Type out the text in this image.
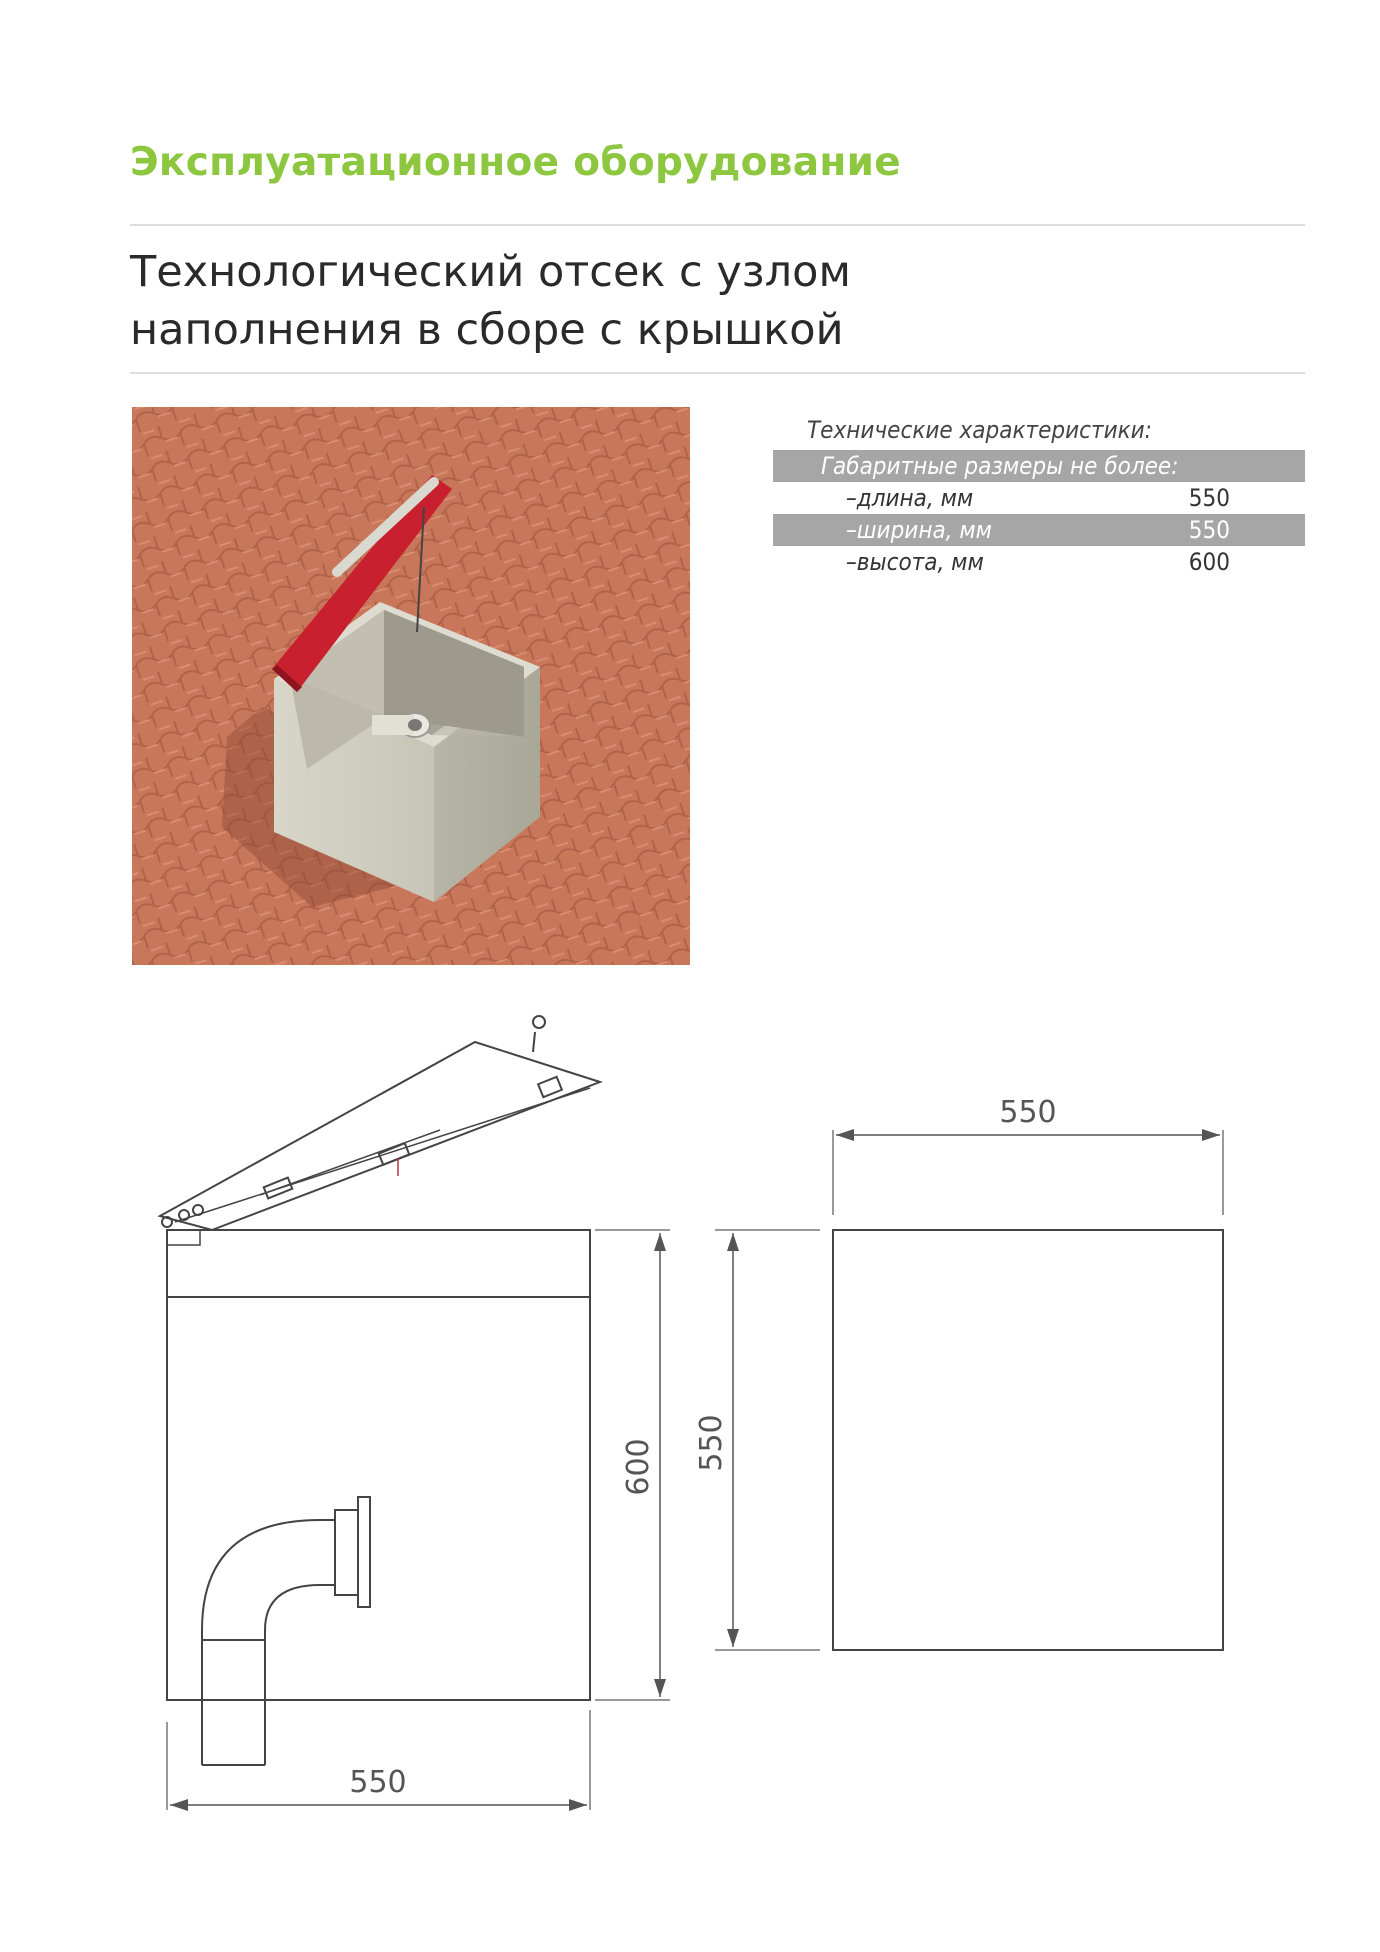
Эксплуатационное оборудование
Технологический отсек с узлом
наполнения в сборе с крышкой
Технические характеристики:
Габаритные размеры не более:
–длина, мм	550
–ширина, мм	550
–высота, мм	600
550
600 550
550
